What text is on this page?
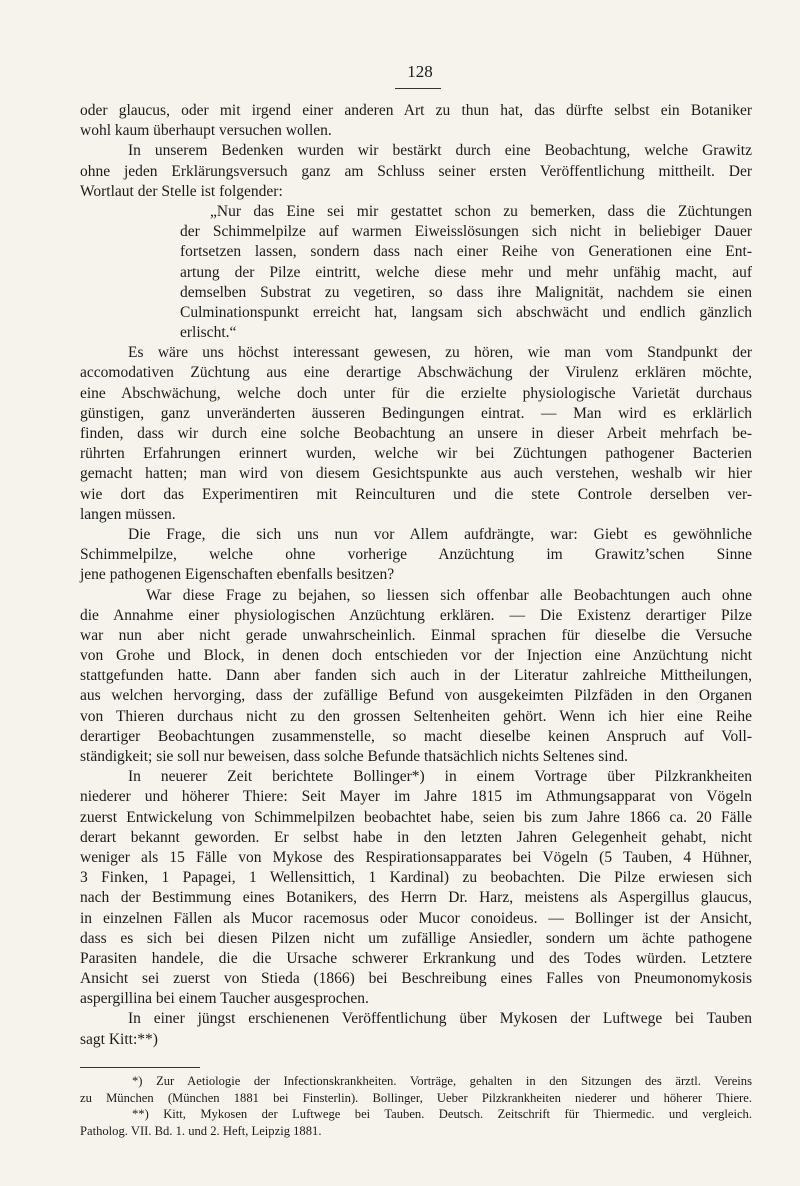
128
oder glaucus, oder mit irgend einer anderen Art zu thun hat, das dürfte selbst ein Botaniker
wohl kaum überhaupt versuchen wollen.
In unserem Bedenken wurden wir bestärkt durch eine Beobachtung, welche Grawitz
ohne jeden Erklärungsversuch ganz am Schluss seiner ersten Veröffentlichung mittheilt. Der
Wortlaut der Stelle ist folgender:
„Nur das Eine sei mir gestattet schon zu bemerken, dass die Züchtungen
der Schimmelpilze auf warmen Eiweisslösungen sich nicht in beliebiger Dauer
fortsetzen lassen, sondern dass nach einer Reihe von Generationen eine Ent-
artung der Pilze eintritt, welche diese mehr und mehr unfähig macht, auf
demselben Substrat zu vegetiren, so dass ihre Malignität, nachdem sie einen
Culminationspunkt erreicht hat, langsam sich abschwächt und endlich gänzlich
erlischt.“
Es wäre uns höchst interessant gewesen, zu hören, wie man vom Standpunkt der
accomodativen Züchtung aus eine derartige Abschwächung der Virulenz erklären möchte,
eine Abschwächung, welche doch unter für die erzielte physiologische Varietät durchaus
günstigen, ganz unveränderten äusseren Bedingungen eintrat. — Man wird es erklärlich
finden, dass wir durch eine solche Beobachtung an unsere in dieser Arbeit mehrfach be-
rührten Erfahrungen erinnert wurden, welche wir bei Züchtungen pathogener Bacterien
gemacht hatten; man wird von diesem Gesichtspunkte aus auch verstehen, weshalb wir hier
wie dort das Experimentiren mit Reinculturen und die stete Controle derselben ver-
langen müssen.
Die Frage, die sich uns nun vor Allem aufdrängte, war: Giebt es gewöhnliche
Schimmelpilze, welche ohne vorherige Anzüchtung im Grawitz’schen Sinne
jene pathogenen Eigenschaften ebenfalls besitzen?
War diese Frage zu bejahen, so liessen sich offenbar alle Beobachtungen auch ohne
die Annahme einer physiologischen Anzüchtung erklären. — Die Existenz derartiger Pilze
war nun aber nicht gerade unwahrscheinlich. Einmal sprachen für dieselbe die Versuche
von Grohe und Block, in denen doch entschieden vor der Injection eine Anzüchtung nicht
stattgefunden hatte. Dann aber fanden sich auch in der Literatur zahlreiche Mittheilungen,
aus welchen hervorging, dass der zufällige Befund von ausgekeimten Pilzfäden in den Organen
von Thieren durchaus nicht zu den grossen Seltenheiten gehört. Wenn ich hier eine Reihe
derartiger Beobachtungen zusammenstelle, so macht dieselbe keinen Anspruch auf Voll-
ständigkeit; sie soll nur beweisen, dass solche Befunde thatsächlich nichts Seltenes sind.
In neuerer Zeit berichtete Bollinger*) in einem Vortrage über Pilzkrankheiten
niederer und höherer Thiere: Seit Mayer im Jahre 1815 im Athmungsapparat von Vögeln
zuerst Entwickelung von Schimmelpilzen beobachtet habe, seien bis zum Jahre 1866 ca. 20 Fälle
derart bekannt geworden. Er selbst habe in den letzten Jahren Gelegenheit gehabt, nicht
weniger als 15 Fälle von Mykose des Respirationsapparates bei Vögeln (5 Tauben, 4 Hühner,
3 Finken, 1 Papagei, 1 Wellensittich, 1 Kardinal) zu beobachten. Die Pilze erwiesen sich
nach der Bestimmung eines Botanikers, des Herrn Dr. Harz, meistens als Aspergillus glaucus,
in einzelnen Fällen als Mucor racemosus oder Mucor conoideus. — Bollinger ist der Ansicht,
dass es sich bei diesen Pilzen nicht um zufällige Ansiedler, sondern um ächte pathogene
Parasiten handele, die die Ursache schwerer Erkrankung und des Todes würden. Letztere
Ansicht sei zuerst von Stieda (1866) bei Beschreibung eines Falles von Pneumonomykosis
aspergillina bei einem Taucher ausgesprochen.
In einer jüngst erschienenen Veröffentlichung über Mykosen der Luftwege bei Tauben
sagt Kitt:**)
*) Zur Aetiologie der Infectionskrankheiten. Vorträge, gehalten in den Sitzungen des ärztl. Vereins
zu München (München 1881 bei Finsterlin). Bollinger, Ueber Pilzkrankheiten niederer und höherer Thiere.
**) Kitt, Mykosen der Luftwege bei Tauben. Deutsch. Zeitschrift für Thiermedic. und vergleich.
Patholog. VII. Bd. 1. und 2. Heft, Leipzig 1881.
